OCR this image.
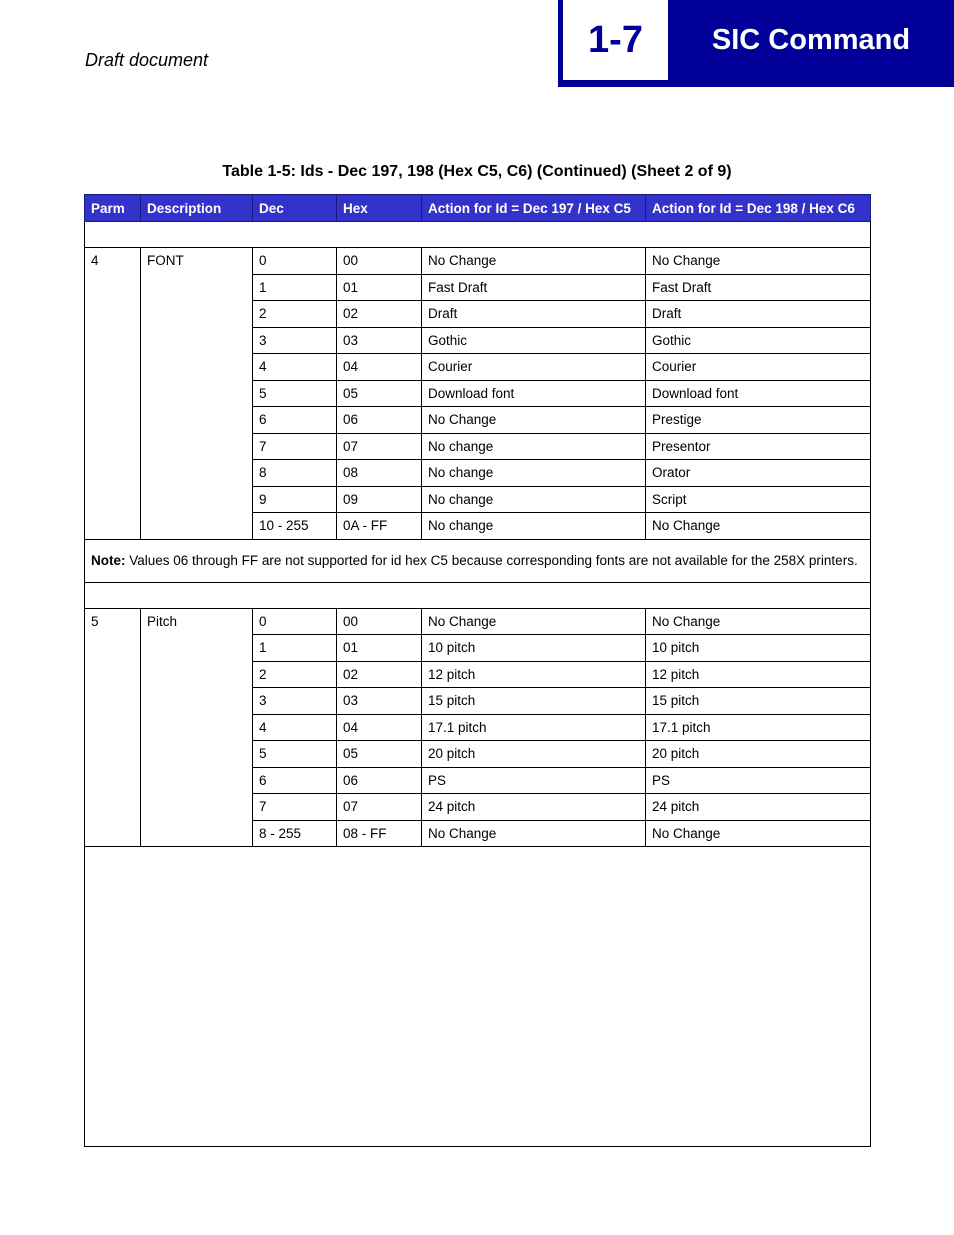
Draft document	1-7	SIC Command
Table 1-5: Ids - Dec 197, 198 (Hex C5, C6) (Continued) (Sheet 2 of 9)
Parm	Description	Dec	Hex	Action for Id = Dec 197 / Hex C5	Action for Id = Dec 198 / Hex C6

4	FONT	0	00	No Change	No Change
		1	01	Fast Draft	Fast Draft
		2	02	Draft	Draft
		3	03	Gothic	Gothic
		4	04	Courier	Courier
		5	05	Download font	Download font
		6	06	No Change	Prestige
		7	07	No change	Presentor
		8	08	No change	Orator
		9	09	No change	Script
		10 - 255	0A - FF	No change	No Change
Note: Values 06 through FF are not supported for id hex C5 because corresponding fonts are not available for the 258X printers.					

5	Pitch	0	00	No Change	No Change
		1	01	10 pitch	10 pitch
		2	02	12 pitch	12 pitch
		3	03	15 pitch	15 pitch
		4	04	17.1 pitch	17.1 pitch
		5	05	20 pitch	20 pitch
		6	06	PS	PS
		7	07	24 pitch	24 pitch
		8 - 255	08 - FF	No Change	No Change
